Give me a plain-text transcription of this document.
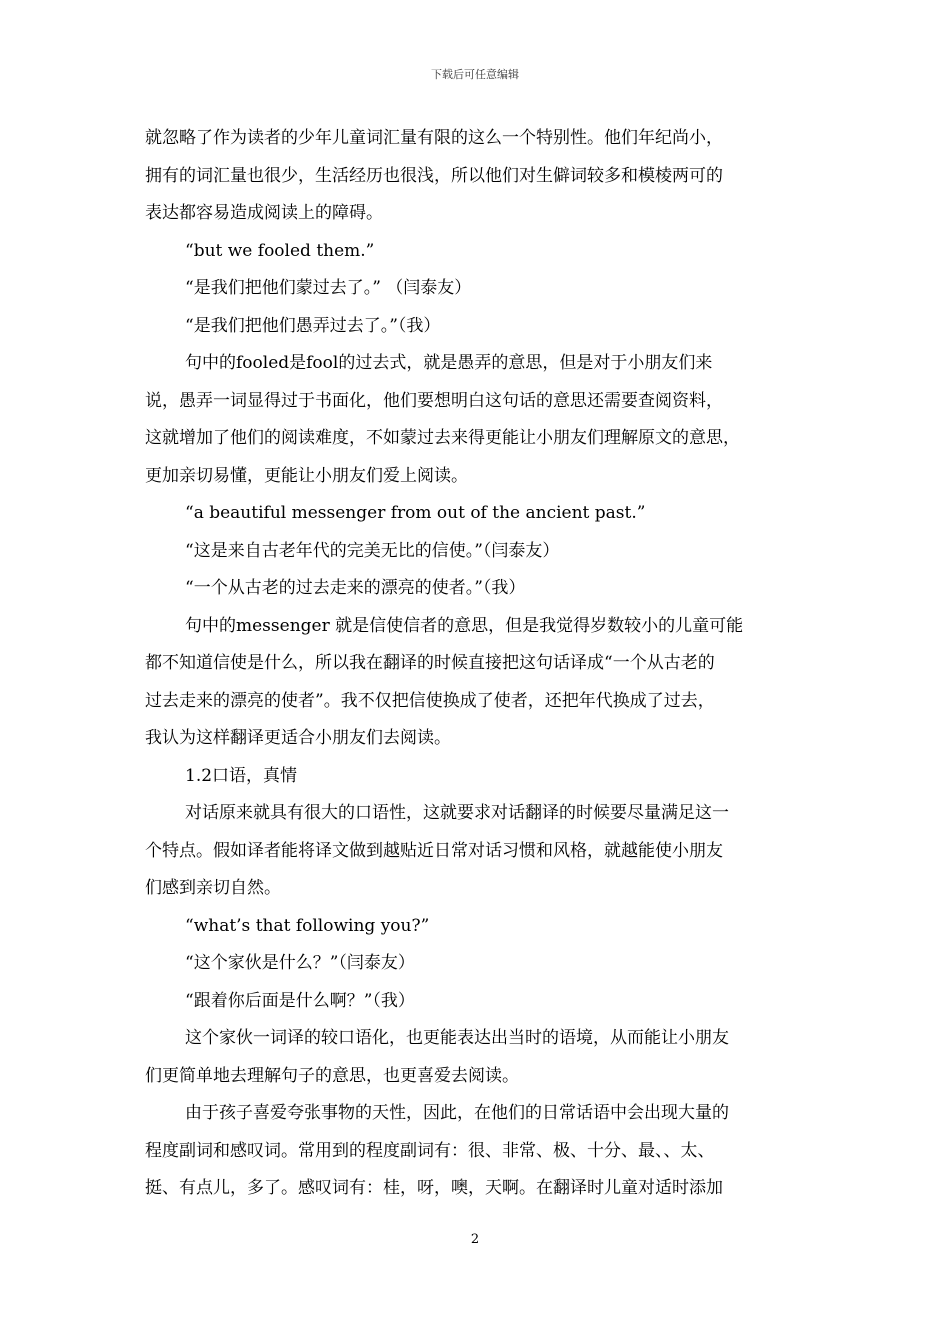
下载后可任意编辑
就忽略了作为读者的少年儿童词汇量有限的这么一个特别性。他们年纪尚小，
拥有的词汇量也很少，生活经历也很浅，所以他们对生僻词较多和模棱两可的
表达都容易造成阅读上的障碍。
“but we fooled them.”
“是我们把他们蒙过去了。” （闫泰友）
“是我们把他们愚弄过去了。”（我）
句中的fooled是fool的过去式，就是愚弄的意思，但是对于小朋友们来
说，愚弄一词显得过于书面化，他们要想明白这句话的意思还需要查阅资料，
这就增加了他们的阅读难度，不如蒙过去来得更能让小朋友们理解原文的意思，
更加亲切易懂，更能让小朋友们爱上阅读。
“a beautiful messenger from out of the ancient past.”
“这是来自古老年代的完美无比的信使。”（闫泰友）
“一个从古老的过去走来的漂亮的使者。”（我）
句中的messenger 就是信使信者的意思，但是我觉得岁数较小的儿童可能
都不知道信使是什么，所以我在翻译的时候直接把这句话译成“一个从古老的
过去走来的漂亮的使者”。我不仅把信使换成了使者，还把年代换成了过去，
我认为这样翻译更适合小朋友们去阅读。
1.2口语，真情
对话原来就具有很大的口语性，这就要求对话翻译的时候要尽量满足这一
个特点。假如译者能将译文做到越贴近日常对话习惯和风格，就越能使小朋友
们感到亲切自然。
“what’s that following you?”
“这个家伙是什么？”（闫泰友）
“跟着你后面是什么啊？”（我）
这个家伙一词译的较口语化，也更能表达出当时的语境，从而能让小朋友
们更简单地去理解句子的意思，也更喜爱去阅读。
由于孩子喜爱夸张事物的天性，因此，在他们的日常话语中会出现大量的
程度副词和感叹词。常用到的程度副词有：很、非常、极、十分、最、、太、
挺、有点儿，多了。感叹词有：桂，呀，噢，天啊。在翻译时儿童对适时添加
2
